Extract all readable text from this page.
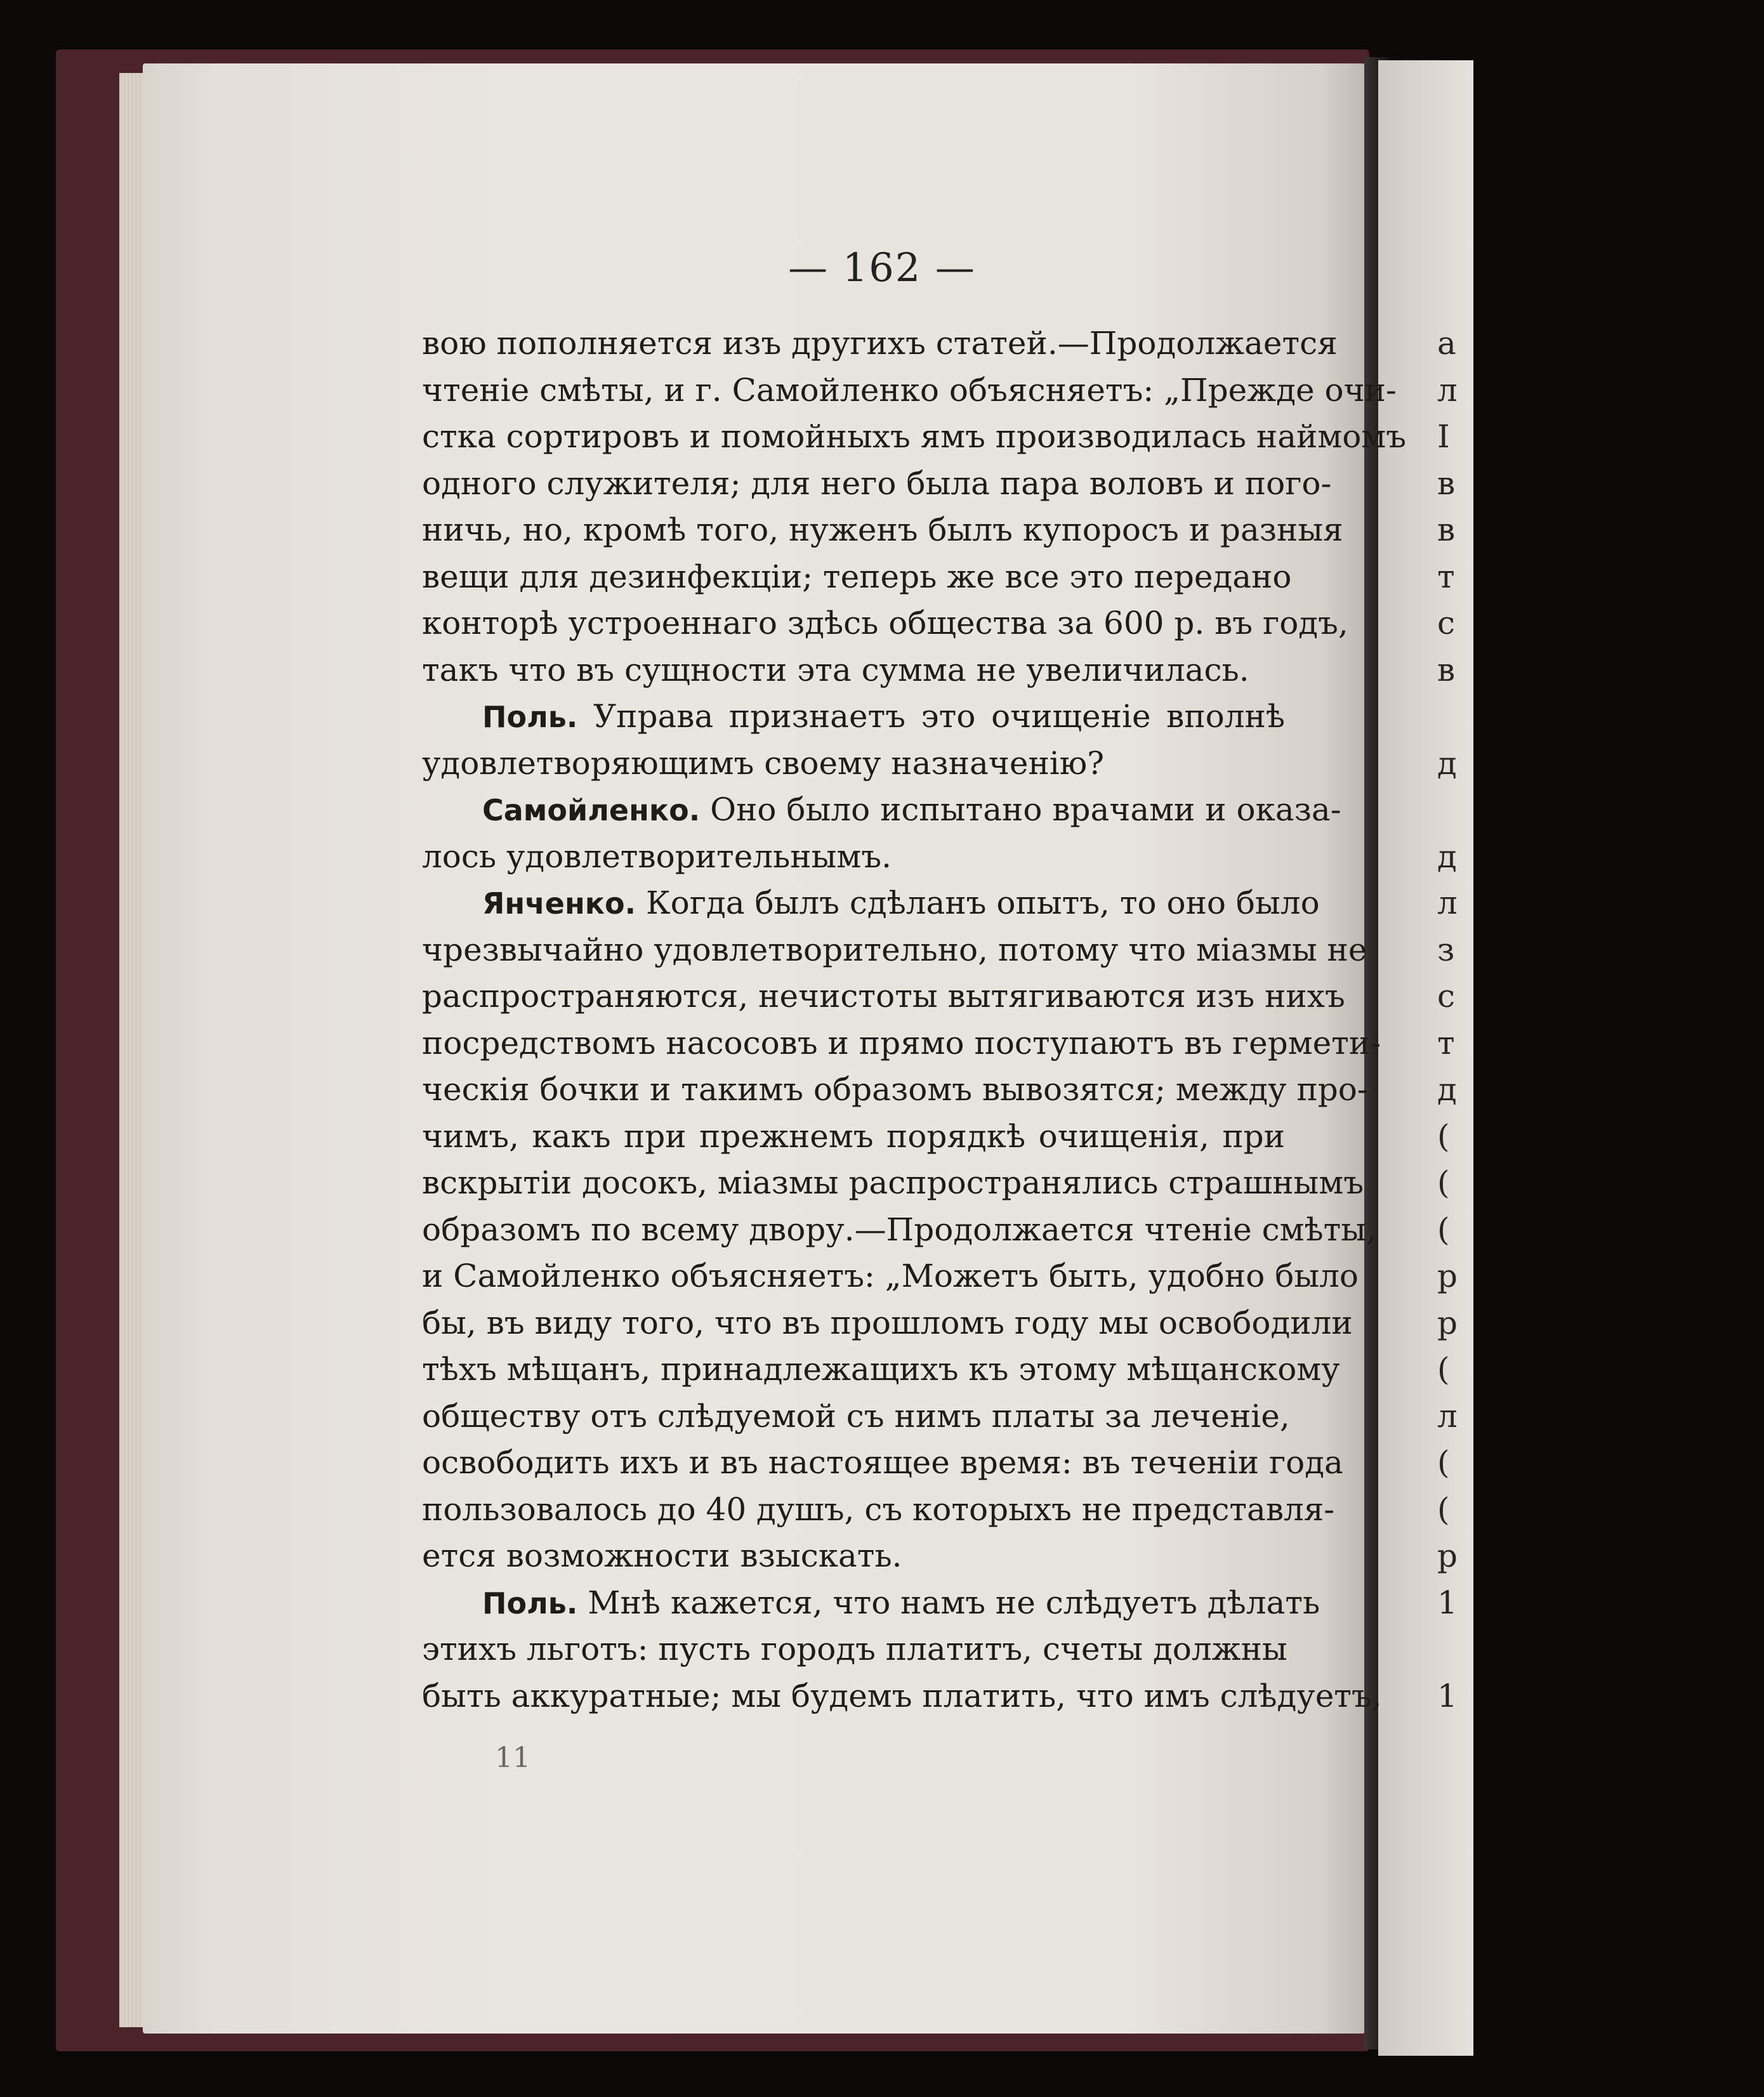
— 162 —
вою пополняется изъ другихъ статей.—Продолжается
чтеніе смѣты, и г. Самойленко объясняетъ: „Прежде очи-
стка сортировъ и помойныхъ ямъ производилась наймомъ
одного служителя; для него была пара воловъ и пого-
ничь, но, кромѣ того, нуженъ былъ купоросъ и разныя
вещи для дезинфекціи; теперь же все это передано
конторѣ устроеннаго здѣсь общества за 600 р. въ годъ,
такъ что въ сущности эта сумма не увеличилась.
Поль. Управа признаетъ это очищеніе вполнѣ
удовлетворяющимъ своему назначенію?
Самойленко. Оно было испытано врачами и оказа-
лось удовлетворительнымъ.
Янченко. Когда былъ сдѣланъ опытъ, то оно было
чрезвычайно удовлетворительно, потому что міазмы не
распространяются, нечистоты вытягиваются изъ нихъ
посредствомъ насосовъ и прямо поступаютъ въ гермети-
ческія бочки и такимъ образомъ вывозятся; между про-
чимъ, какъ при прежнемъ порядкѣ очищенія, при
вскрытіи досокъ, міазмы распространялись страшнымъ
образомъ по всему двору.—Продолжается чтеніе смѣты,
и Самойленко объясняетъ: „Можетъ быть, удобно было
бы, въ виду того, что въ прошломъ году мы освободили
тѣхъ мѣщанъ, принадлежащихъ къ этому мѣщанскому
обществу отъ слѣдуемой съ нимъ платы за леченіе,
освободить ихъ и въ настоящее время: въ теченіи года
пользовалось до 40 душъ, съ которыхъ не представля-
ется возможности взыскать.
Поль. Мнѣ кажется, что намъ не слѣдуетъ дѣлать
этихъ льготъ: пусть городъ платитъ, счеты должны
быть аккуратные; мы будемъ платить, что имъ слѣдуетъ,
11
а
л
I
в
в
т
с
в
д
д
л
з
с
т
д
(
(
(
р
р
(
л
(
(
р
1
1
